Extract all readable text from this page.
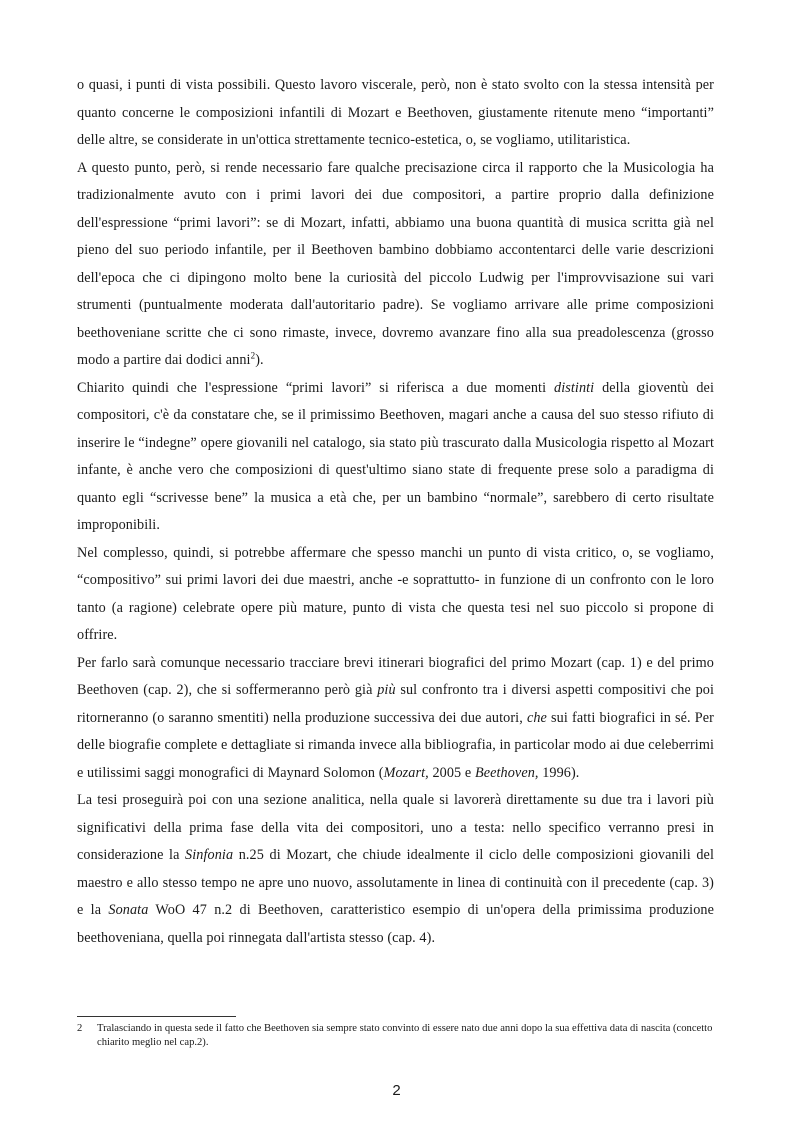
o quasi, i punti di vista possibili. Questo lavoro viscerale, però, non è stato svolto con la stessa intensità per quanto concerne le composizioni infantili di Mozart e Beethoven, giustamente ritenute meno “importanti” delle altre, se considerate in un'ottica strettamente tecnico-estetica, o, se vogliamo, utilitaristica.

A questo punto, però, si rende necessario fare qualche precisazione circa il rapporto che la Musicologia ha tradizionalmente avuto con i primi lavori dei due compositori, a partire proprio dalla definizione dell'espressione “primi lavori”: se di Mozart, infatti, abbiamo una buona quantità di musica scritta già nel pieno del suo periodo infantile, per il Beethoven bambino dobbiamo accontentarci delle varie descrizioni dell'epoca che ci dipingono molto bene la curiosità del piccolo Ludwig per l'improvvisazione sui vari strumenti (puntualmente moderata dall'autoritario padre). Se vogliamo arrivare alle prime composizioni beethoveniane scritte che ci sono rimaste, invece, dovremo avanzare fino alla sua preadolescenza (grosso modo a partire dai dodici anni$^2$).

Chiarito quindi che l'espressione “primi lavori” si riferisca a due momenti distinti della gioventù dei compositori, c'è da constatare che, se il primissimo Beethoven, magari anche a causa del suo stesso rifiuto di inserire le “indegne” opere giovanili nel catalogo, sia stato più trascurato dalla Musicologia rispetto al Mozart infante, è anche vero che composizioni di quest'ultimo siano state di frequente prese solo a paradigma di quanto egli “scrivesse bene” la musica a età che, per un bambino “normale”, sarebbero di certo risultate improponibili.

Nel complesso, quindi, si potrebbe affermare che spesso manchi un punto di vista critico, o, se vogliamo, “compositivo” sui primi lavori dei due maestri, anche -e soprattutto- in funzione di un confronto con le loro tanto (a ragione) celebrate opere più mature, punto di vista che questa tesi nel suo piccolo si propone di offrire.

Per farlo sarà comunque necessario tracciare brevi itinerari biografici del primo Mozart (cap. 1) e del primo Beethoven (cap. 2), che si soffermeranno però già più sul confronto tra i diversi aspetti compositivi che poi ritorneranno (o saranno smentiti) nella produzione successiva dei due autori, che sui fatti biografici in sé. Per delle biografie complete e dettagliate si rimanda invece alla bibliografia, in particolar modo ai due celeberrimi e utilissimi saggi monografici di Maynard Solomon (Mozart, 2005 e Beethoven, 1996).

La tesi proseguirà poi con una sezione analitica, nella quale si lavorerà direttamente su due tra i lavori più significativi della prima fase della vita dei compositori, uno a testa: nello specifico verranno presi in considerazione la Sinfonia n.25 di Mozart, che chiude idealmente il ciclo delle composizioni giovanili del maestro e allo stesso tempo ne apre uno nuovo, assolutamente in linea di continuità con il precedente (cap. 3) e la Sonata WoO 47 n.2 di Beethoven, caratteristico esempio di un'opera della primissima produzione beethoveniana, quella poi rinnegata dall'artista stesso (cap. 4).

2	Tralasciando in questa sede il fatto che Beethoven sia sempre stato convinto di essere nato due anni dopo la sua effettiva data di nascita (concetto chiarito meglio nel cap.2).
2
